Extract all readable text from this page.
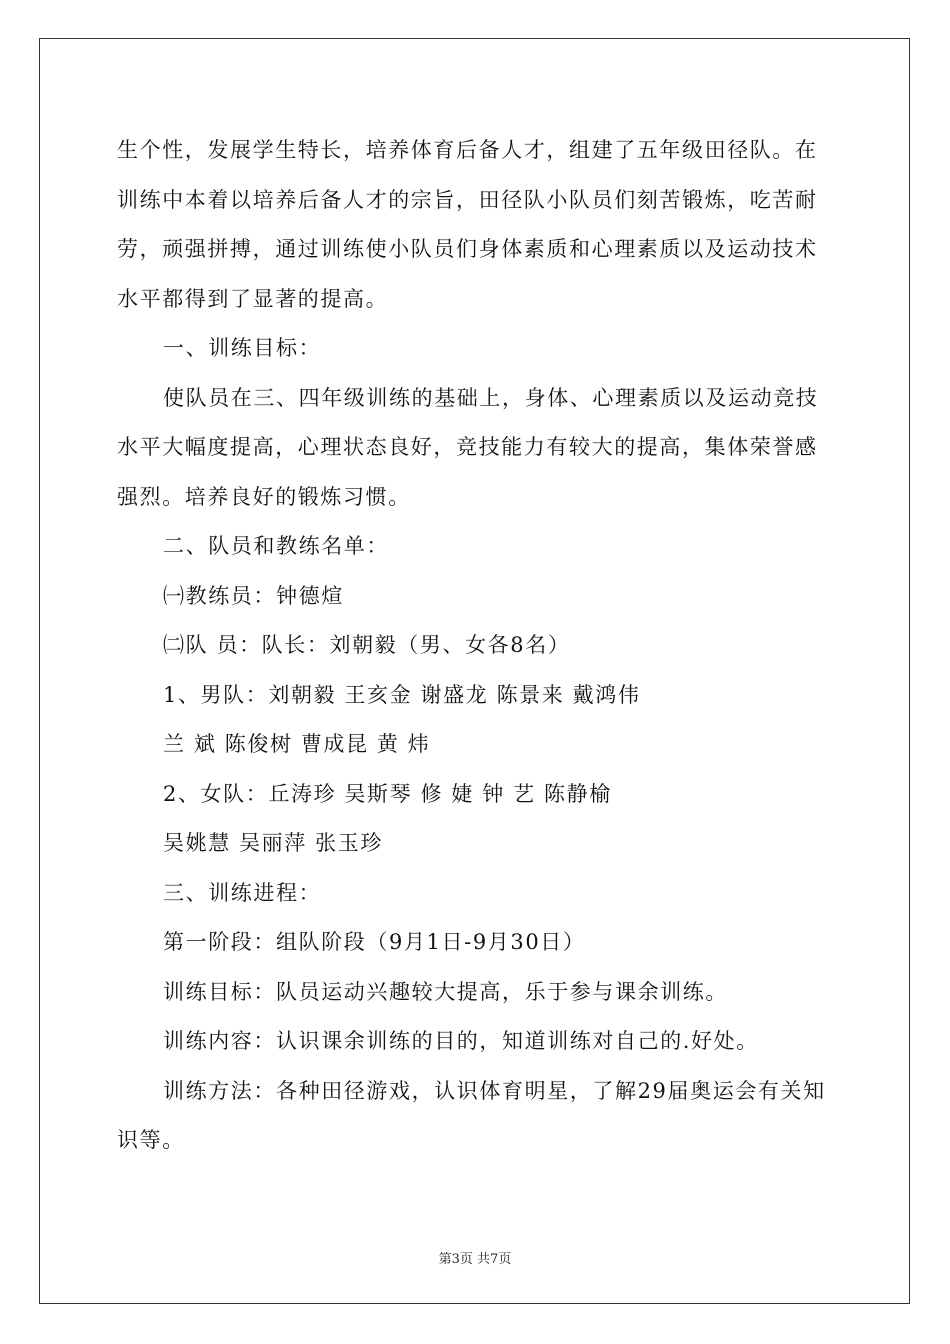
生个性，发展学生特长，培养体育后备人才，组建了五年级田径队。在训练中本着以培养后备人才的宗旨，田径队小队员们刻苦锻炼，吃苦耐劳，顽强拼搏，通过训练使小队员们身体素质和心理素质以及运动技术水平都得到了显著的提高。

一、训练目标：

使队员在三、四年级训练的基础上，身体、心理素质以及运动竞技水平大幅度提高，心理状态良好，竞技能力有较大的提高，集体荣誉感强烈。培养良好的锻炼习惯。

二、队员和教练名单：

㈠教练员：钟德煊

㈡队 员：队长：刘朝毅（男、女各8名）

1、男队：刘朝毅 王亥金 谢盛龙 陈景来 戴鸿伟

兰 斌 陈俊树 曹成昆 黄 炜

2、女队：丘涛珍 吴斯琴 修 婕 钟 艺 陈静榆

吴姚慧 吴丽萍 张玉珍

三、训练进程：

第一阶段：组队阶段（9月1日-9月30日）

训练目标：队员运动兴趣较大提高，乐于参与课余训练。

训练内容：认识课余训练的目的，知道训练对自己的.好处。

训练方法：各种田径游戏，认识体育明星，了解29届奥运会有关知识等。

第3页 共7页
